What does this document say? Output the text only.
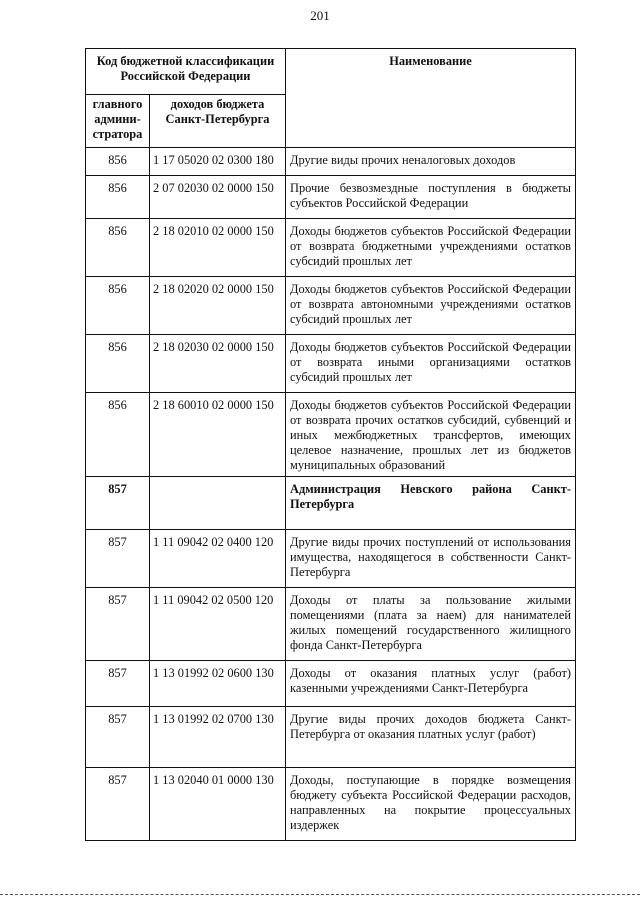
201
Код бюджетной классификации Российской Федерации		Наименование
главного админи-стратора	доходов бюджета Санкт-Петербурга	
856	1 17 05020 02 0300 180	Другие виды прочих неналоговых доходов
856	2 07 02030 02 0000 150	Прочие безвозмездные поступления в бюджеты субъектов Российской Федерации
856	2 18 02010 02 0000 150	Доходы бюджетов субъектов Российской Федерации от возврата бюджетными учреждениями остатков субсидий прошлых лет
856	2 18 02020 02 0000 150	Доходы бюджетов субъектов Российской Федерации от возврата автономными учреждениями остатков субсидий прошлых лет
856	2 18 02030 02 0000 150	Доходы бюджетов субъектов Российской Федерации от возврата иными организациями остатков субсидий прошлых лет
856	2 18 60010 02 0000 150	Доходы бюджетов субъектов Российской Федерации от возврата прочих остатков субсидий, субвенций и иных межбюджетных трансфертов, имеющих целевое назначение, прошлых лет из бюджетов муниципальных образований
857		Администрация Невского района Санкт-Петербурга
857	1 11 09042 02 0400 120	Другие виды прочих поступлений от использования имущества, находящегося в собственности Санкт-Петербурга
857	1 11 09042 02 0500 120	Доходы от платы за пользование жилыми помещениями (плата за наем) для нанимателей жилых помещений государственного жилищного фонда Санкт-Петербурга
857	1 13 01992 02 0600 130	Доходы от оказания платных услуг (работ) казенными учреждениями Санкт-Петербурга
857	1 13 01992 02 0700 130	Другие виды прочих доходов бюджета Санкт-Петербурга от оказания платных услуг (работ)
857	1 13 02040 01 0000 130	Доходы, поступающие в порядке возмещения бюджету субъекта Российской Федерации расходов, направленных на покрытие процессуальных издержек
